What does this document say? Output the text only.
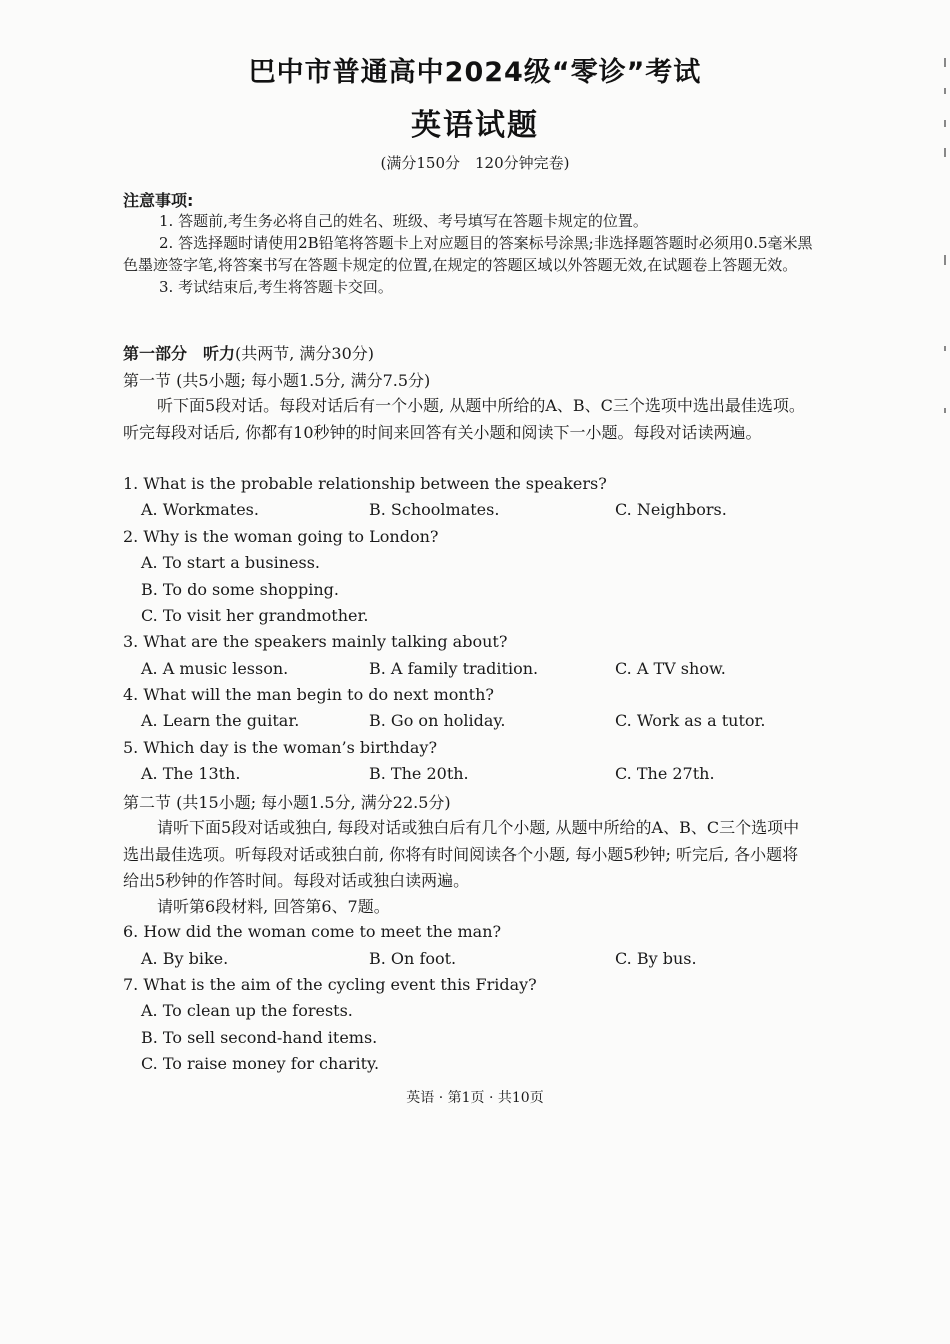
巴中市普通高中2024级“零诊”考试
英语试题
(满分150分　120分钟完卷)
注意事项:

1. 答题前,考生务必将自己的姓名、班级、考号填写在答题卡规定的位置。

2. 答选择题时请使用2B铅笔将答题卡上对应题目的答案标号涂黑;非选择题答题时必须用0.5毫米黑色墨迹签字笔,将答案书写在答题卡规定的位置,在规定的答题区域以外答题无效,在试题卷上答题无效。

3. 考试结束后,考生将答题卡交回。

第一部分　听力(共两节, 满分30分)
第一节 (共5小题; 每小题1.5分, 满分7.5分)
听下面5段对话。每段对话后有一个小题, 从题中所给的A、B、C三个选项中选出最佳选项。听完每段对话后, 你都有10秒钟的时间来回答有关小题和阅读下一小题。每段对话读两遍。
1. What is the probable relationship between the speakers?
A. Workmates.	B. Schoolmates.	C. Neighbors.
2. Why is the woman going to London?
A. To start a business.
B. To do some shopping.
C. To visit her grandmother.
3. What are the speakers mainly talking about?
A. A music lesson.	B. A family tradition.	C. A TV show.
4. What will the man begin to do next month?
A. Learn the guitar.	B. Go on holiday.	C. Work as a tutor.
5. Which day is the woman’s birthday?
A. The 13th.	B. The 20th.	C. The 27th.
第二节 (共15小题; 每小题1.5分, 满分22.5分)
请听下面5段对话或独白, 每段对话或独白后有几个小题, 从题中所给的A、B、C三个选项中选出最佳选项。听每段对话或独白前, 你将有时间阅读各个小题, 每小题5秒钟; 听完后, 各小题将给出5秒钟的作答时间。每段对话或独白读两遍。
请听第6段材料, 回答第6、7题。
6. How did the woman come to meet the man?
A. By bike.	B. On foot.	C. By bus.
7. What is the aim of the cycling event this Friday?
A. To clean up the forests.
B. To sell second-hand items.
C. To raise money for charity.
英语 · 第1页 · 共10页
